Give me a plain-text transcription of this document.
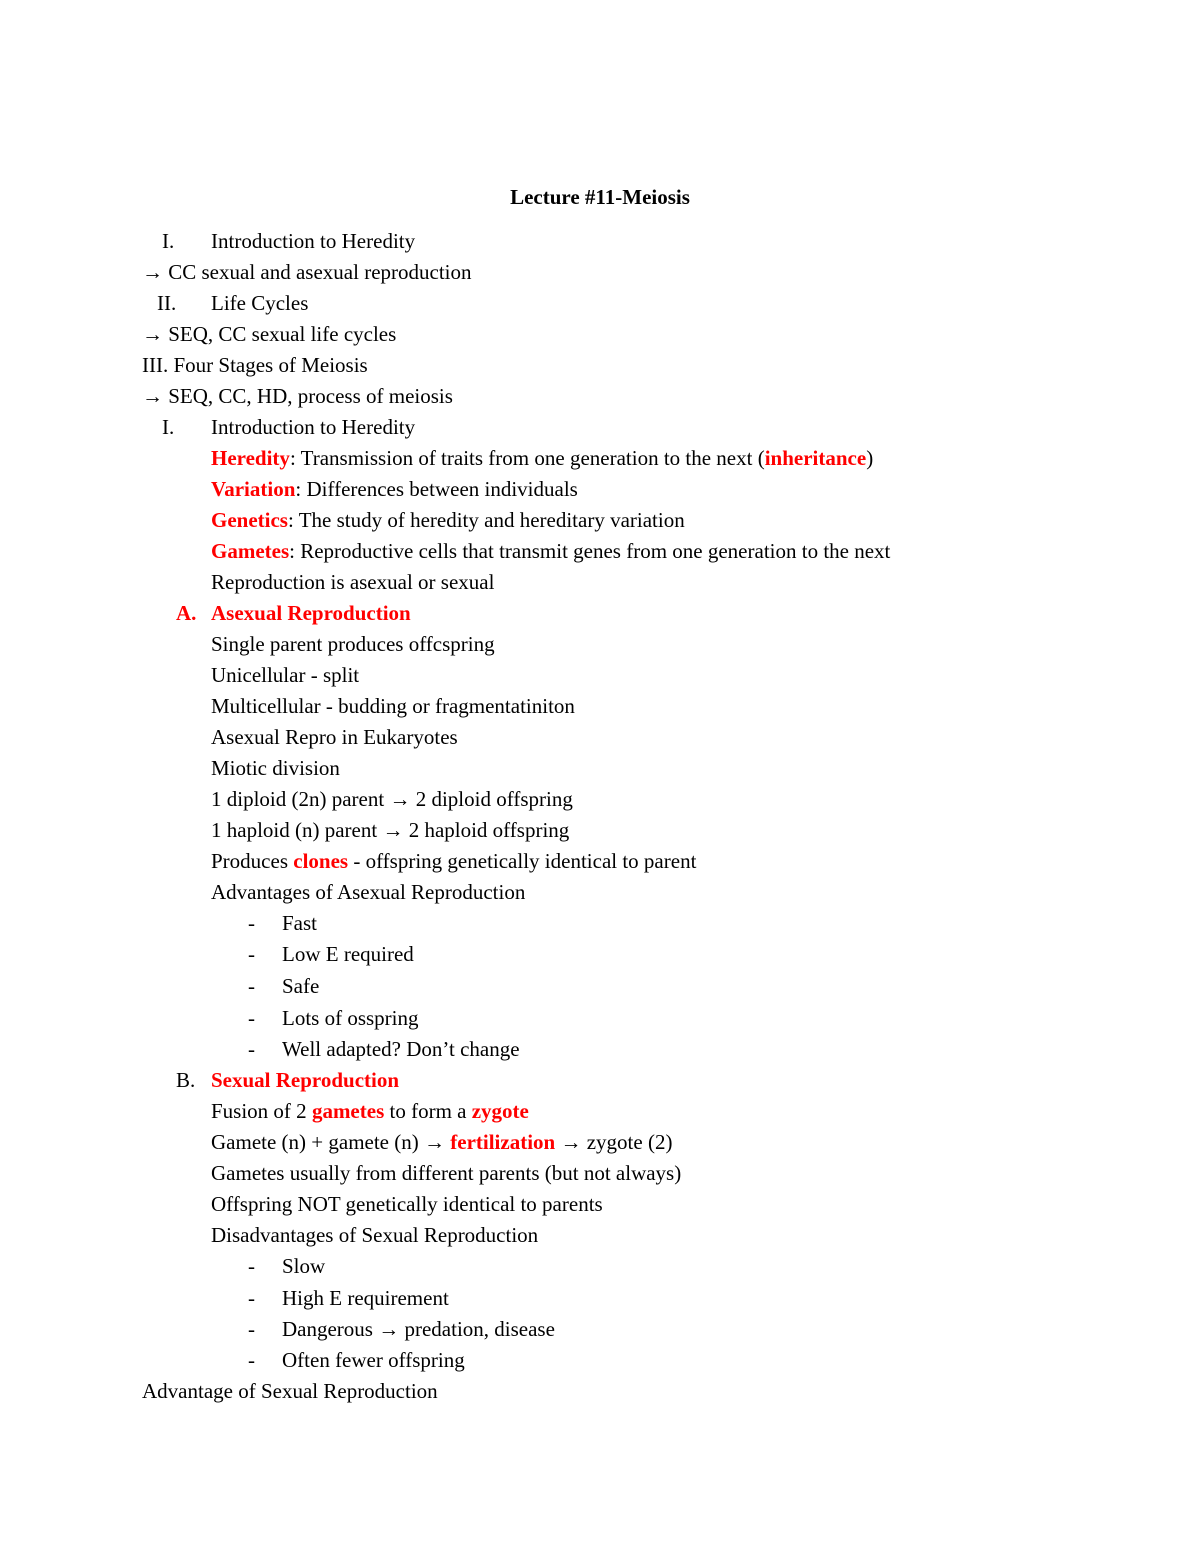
Lecture #11-Meiosis
I.	Introduction to Heredity
→ CC sexual and asexual reproduction
II.	Life Cycles
→ SEQ, CC sexual life cycles
III. Four Stages of Meiosis
→ SEQ, CC, HD, process of meiosis
I.	Introduction to Heredity
Heredity: Transmission of traits from one generation to the next (inheritance)
Variation: Differences between individuals
Genetics: The study of heredity and hereditary variation
Gametes: Reproductive cells that transmit genes from one generation to the next
Reproduction is asexual or sexual
A. Asexual Reproduction
Single parent produces offcspring
Unicellular - split
Multicellular - budding or fragmentatiniton
Asexual Repro in Eukaryotes
Miotic division
1 diploid (2n) parent → 2 diploid offspring
1 haploid (n) parent → 2 haploid offspring
Produces clones - offspring genetically identical to parent
Advantages of Asexual Reproduction
- Fast
- Low E required
- Safe
- Lots of osspring
- Well adapted? Don’t change
B. Sexual Reproduction
Fusion of 2 gametes to form a zygote
Gamete (n) + gamete (n) → fertilization → zygote (2)
Gametes usually from different parents (but not always)
Offspring NOT genetically identical to parents
Disadvantages of Sexual Reproduction
- Slow
- High E requirement
- Dangerous → predation, disease
- Often fewer offspring
Advantage of Sexual Reproduction
